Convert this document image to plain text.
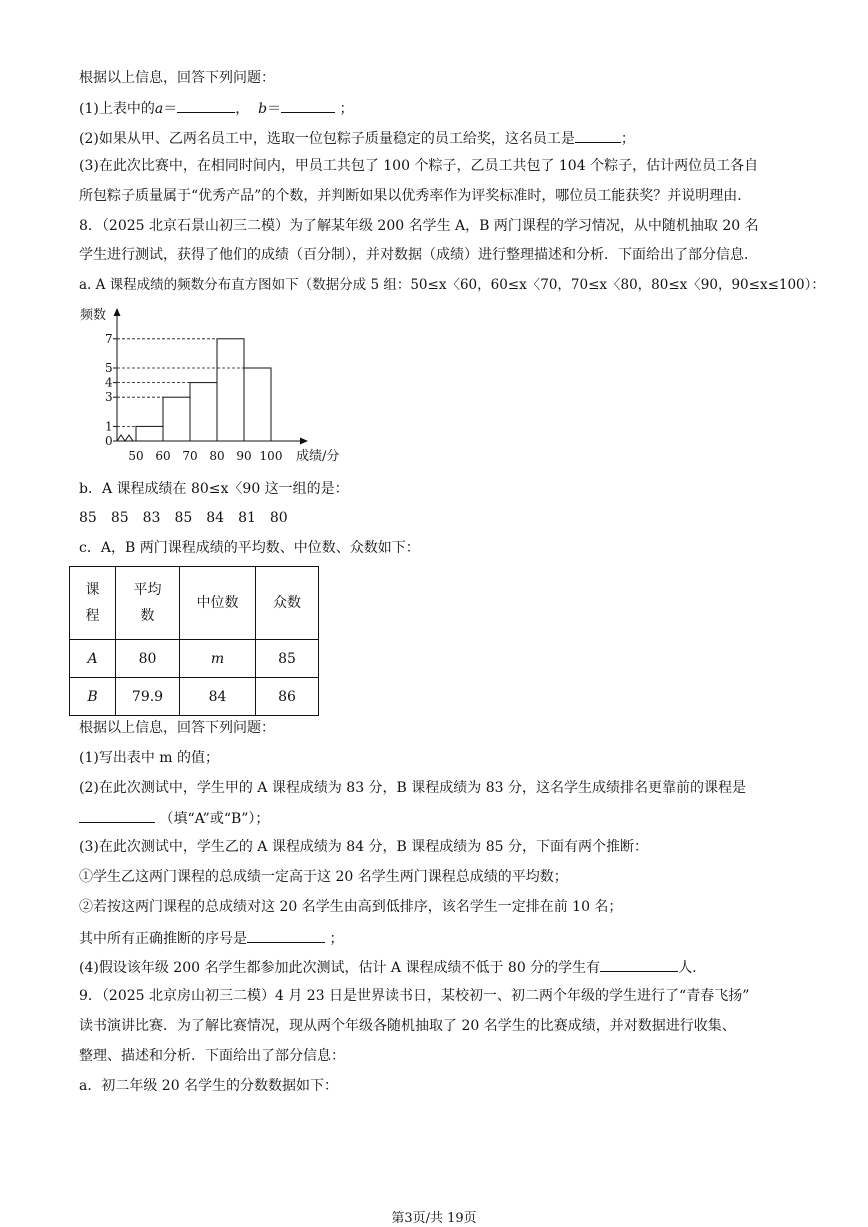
根据以上信息，回答下列问题：
(1)上表中的a＝	， b＝	；
(2)如果从甲、乙两名员工中，选取一位包粽子质量稳定的员工给奖，这名员工是	；
(3)在此次比赛中，在相同时间内，甲员工共包了 100 个粽子，乙员工共包了 104 个粽子，估计两位员工各自
所包粽子质量属于“优秀产品”的个数，并判断如果以优秀率作为评奖标准时，哪位员工能获奖？并说明理由.
8．（2025 北京石景山初三二模）为了解某年级 200 名学生 A，B 两门课程的学习情况，从中随机抽取 20 名
学生进行测试，获得了他们的成绩（百分制），并对数据（成绩）进行整理描述和分析．下面给出了部分信息．
a. A 课程成绩的频数分布直方图如下（数据分成 5 组：50≤x〈60，60≤x〈70，70≤x〈80，80≤x〈90，90≤x≤100）：
频数
成绩/分
0
1
3
4
5
7
50 60 70 80 90 100
b．A 课程成绩在 80≤x〈90 这一组的是：
85　85　83　85　84　81　80
c．A，B 两门课程成绩的平均数、中位数、众数如下：
课程	平均数	中位数	众数
A	80	m	85
B	79.9	84	86
根据以上信息，回答下列问题：
(1)写出表中 m 的值；
(2)在此次测试中，学生甲的 A 课程成绩为 83 分，B 课程成绩为 83 分，这名学生成绩排名更靠前的课程是
（填“A”或“B”）；
(3)在此次测试中，学生乙的 A 课程成绩为 84 分，B 课程成绩为 85 分，下面有两个推断：
①学生乙这两门课程的总成绩一定高于这 20 名学生两门课程总成绩的平均数；
②若按这两门课程的总成绩对这 20 名学生由高到低排序，该名学生一定排在前 10 名；
其中所有正确推断的序号是	；
(4)假设该年级 200 名学生都参加此次测试，估计 A 课程成绩不低于 80 分的学生有	人.
9．（2025 北京房山初三二模）4 月 23 日是世界读书日，某校初一、初二两个年级的学生进行了“青春飞扬”
读书演讲比赛．为了解比赛情况，现从两个年级各随机抽取了 20 名学生的比赛成绩，并对数据进行收集、
整理、描述和分析．下面给出了部分信息：
a．初二年级 20 名学生的分数数据如下：
第3页/共 19页
